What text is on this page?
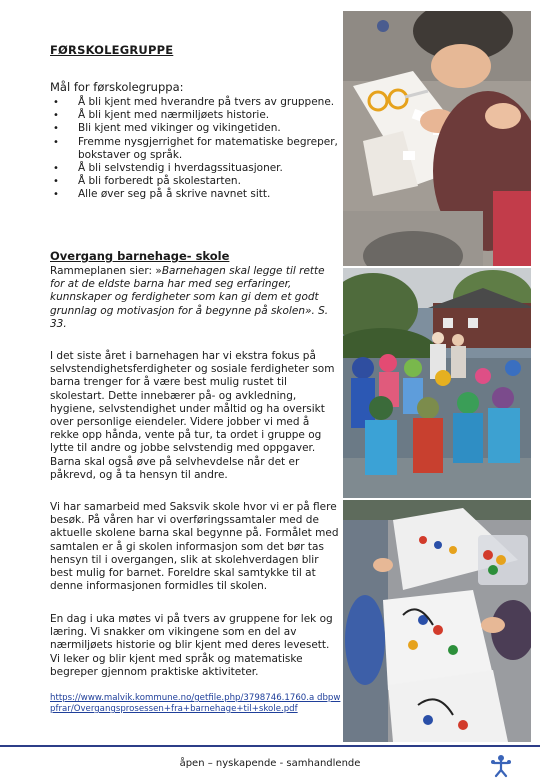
FØRSKOLEGRUPPE
Mål for førskolegruppa:
• Å bli kjent med hverandre på tvers av gruppene.
• Å bli kjent med nærmiljøets historie.
• Bli kjent med vikinger og vikingetiden.
• Fremme nysgjerrighet for matematiske begreper, bokstaver og språk.
• Å bli selvstendig i hverdagssituasjoner.
• Å bli forberedt på skolestarten.
• Alle øver seg på å skrive navnet sitt.
Overgang barnehage- skole
Rammeplanen sier: »Barnehagen skal legge til rette for at de eldste barna har med seg erfaringer, kunnskaper og ferdigheter som kan gi dem et godt grunnlag og motivasjon for å begynne på skolen». S. 33.
I det siste året i barnehagen har vi ekstra fokus på selvstendighetsferdigheter og sosiale ferdigheter som barna trenger for å være best mulig rustet til skolestart. Dette innebærer på- og avkledning, hygiene, selvstendighet under måltid og ha oversikt over personlige eiendeler. Videre jobber vi med å rekke opp hånda, vente på tur, ta ordet i gruppe og lytte til andre og jobbe selvstendig med oppgaver. Barna skal også øve på selvhevdelse når det er påkrevd, og å ta hensyn til andre.
Vi har samarbeid med Saksvik skole hvor vi er på flere besøk. På våren har vi overføringssamtaler med de aktuelle skolene barna skal begynne på. Formålet med samtalen er å gi skolen informasjon som det bør tas hensyn til i overgangen, slik at skolehverdagen blir best mulig for barnet. Foreldre skal samtykke til at denne informasjonen formidles til skolen.
En dag i uka møtes vi på tvers av gruppene for lek og læring. Vi snakker om vikingene som en del av nærmiljøets historie og blir kjent med deres levesett. Vi leker og blir kjent med språk og matematiske begreper gjennom praktiske aktiviteter.
https://www.malvik.kommune.no/getfile.php/3798746.1760.a dbpwpfrar/Overgangsprosessen+fra+barnehage+til+skole.pdf
åpen – nyskapende - samhandlende
